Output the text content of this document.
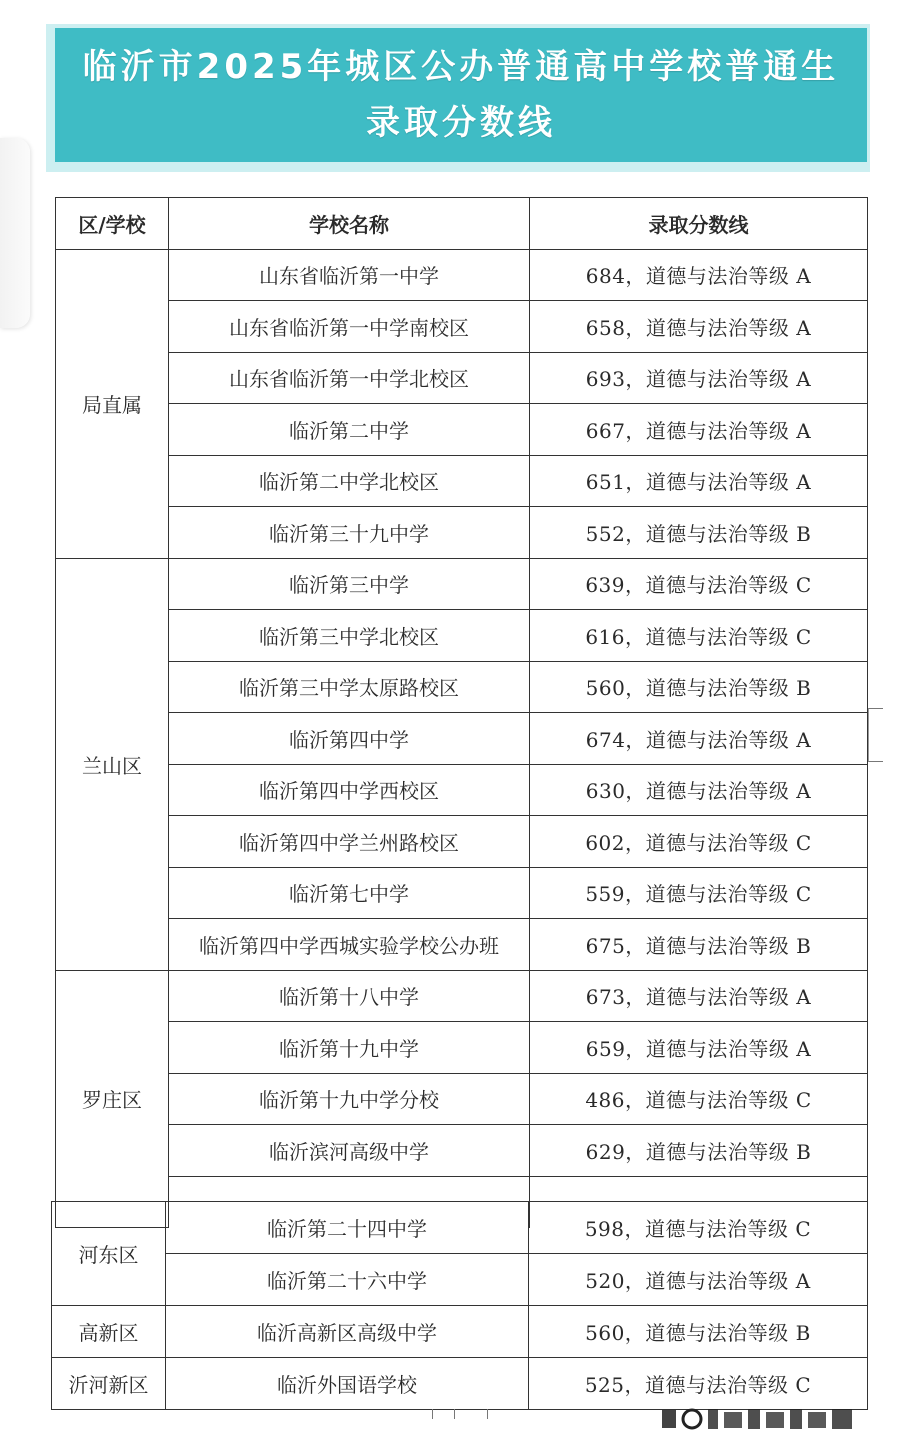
临沂市2025年城区公办普通高中学校普通生
录取分数线
区/学校	学校名称	录取分数线
局直属	山东省临沂第一中学	684，道德与法治等级 A
	山东省临沂第一中学南校区	658，道德与法治等级 A
	山东省临沂第一中学北校区	693，道德与法治等级 A
	临沂第二中学	667，道德与法治等级 A
	临沂第二中学北校区	651，道德与法治等级 A
	临沂第三十九中学	552，道德与法治等级 B
兰山区	临沂第三中学	639，道德与法治等级 C
	临沂第三中学北校区	616，道德与法治等级 C
	临沂第三中学太原路校区	560，道德与法治等级 B
	临沂第四中学	674，道德与法治等级 A
	临沂第四中学西校区	630，道德与法治等级 A
	临沂第四中学兰州路校区	602，道德与法治等级 C
	临沂第七中学	559，道德与法治等级 C
	临沂第四中学西城实验学校公办班	675，道德与法治等级 B
罗庄区	临沂第十八中学	673，道德与法治等级 A
	临沂第十九中学	659，道德与法治等级 A
	临沂第十九中学分校	486，道德与法治等级 C
	临沂滨河高级中学	629，道德与法治等级 B

河东区	临沂第二十四中学	598，道德与法治等级 C
	临沂第二十六中学	520，道德与法治等级 A
高新区	临沂高新区高级中学	560，道德与法治等级 B
沂河新区	临沂外国语学校	525，道德与法治等级 C
